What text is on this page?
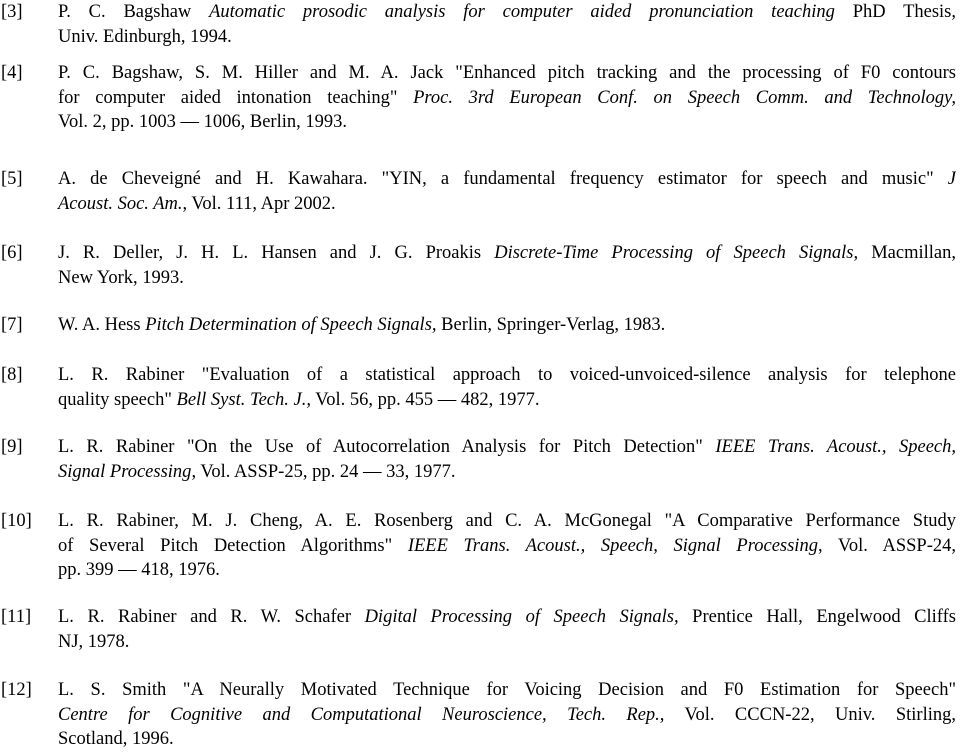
[3] P. C. Bagshaw Automatic prosodic analysis for computer aided pronunciation teaching PhD Thesis,
Univ. Edinburgh, 1994.
[4] P. C. Bagshaw, S. M. Hiller and M. A. Jack "Enhanced pitch tracking and the processing of F0 contours
for computer aided intonation teaching" Proc. 3rd European Conf. on Speech Comm. and Technology,
Vol. 2, pp. 1003 — 1006, Berlin, 1993.
[5] A. de Cheveigné and H. Kawahara. "YIN, a fundamental frequency estimator for speech and music" J
Acoust. Soc. Am., Vol. 111, Apr 2002.
[6] J. R. Deller, J. H. L. Hansen and J. G. Proakis Discrete-Time Processing of Speech Signals, Macmillan,
New York, 1993.
[7] W. A. Hess Pitch Determination of Speech Signals, Berlin, Springer-Verlag, 1983.
[8] L. R. Rabiner "Evaluation of a statistical approach to voiced-unvoiced-silence analysis for telephone
quality speech" Bell Syst. Tech. J., Vol. 56, pp. 455 — 482, 1977.
[9] L. R. Rabiner "On the Use of Autocorrelation Analysis for Pitch Detection" IEEE Trans. Acoust., Speech,
Signal Processing, Vol. ASSP-25, pp. 24 — 33, 1977.
[10] L. R. Rabiner, M. J. Cheng, A. E. Rosenberg and C. A. McGonegal "A Comparative Performance Study
of Several Pitch Detection Algorithms" IEEE Trans. Acoust., Speech, Signal Processing, Vol. ASSP-24,
pp. 399 — 418, 1976.
[11] L. R. Rabiner and R. W. Schafer Digital Processing of Speech Signals, Prentice Hall, Engelwood Cliffs
NJ, 1978.
[12] L. S. Smith "A Neurally Motivated Technique for Voicing Decision and F0 Estimation for Speech"
Centre for Cognitive and Computational Neuroscience, Tech. Rep., Vol. CCCN-22, Univ. Stirling,
Scotland, 1996.
